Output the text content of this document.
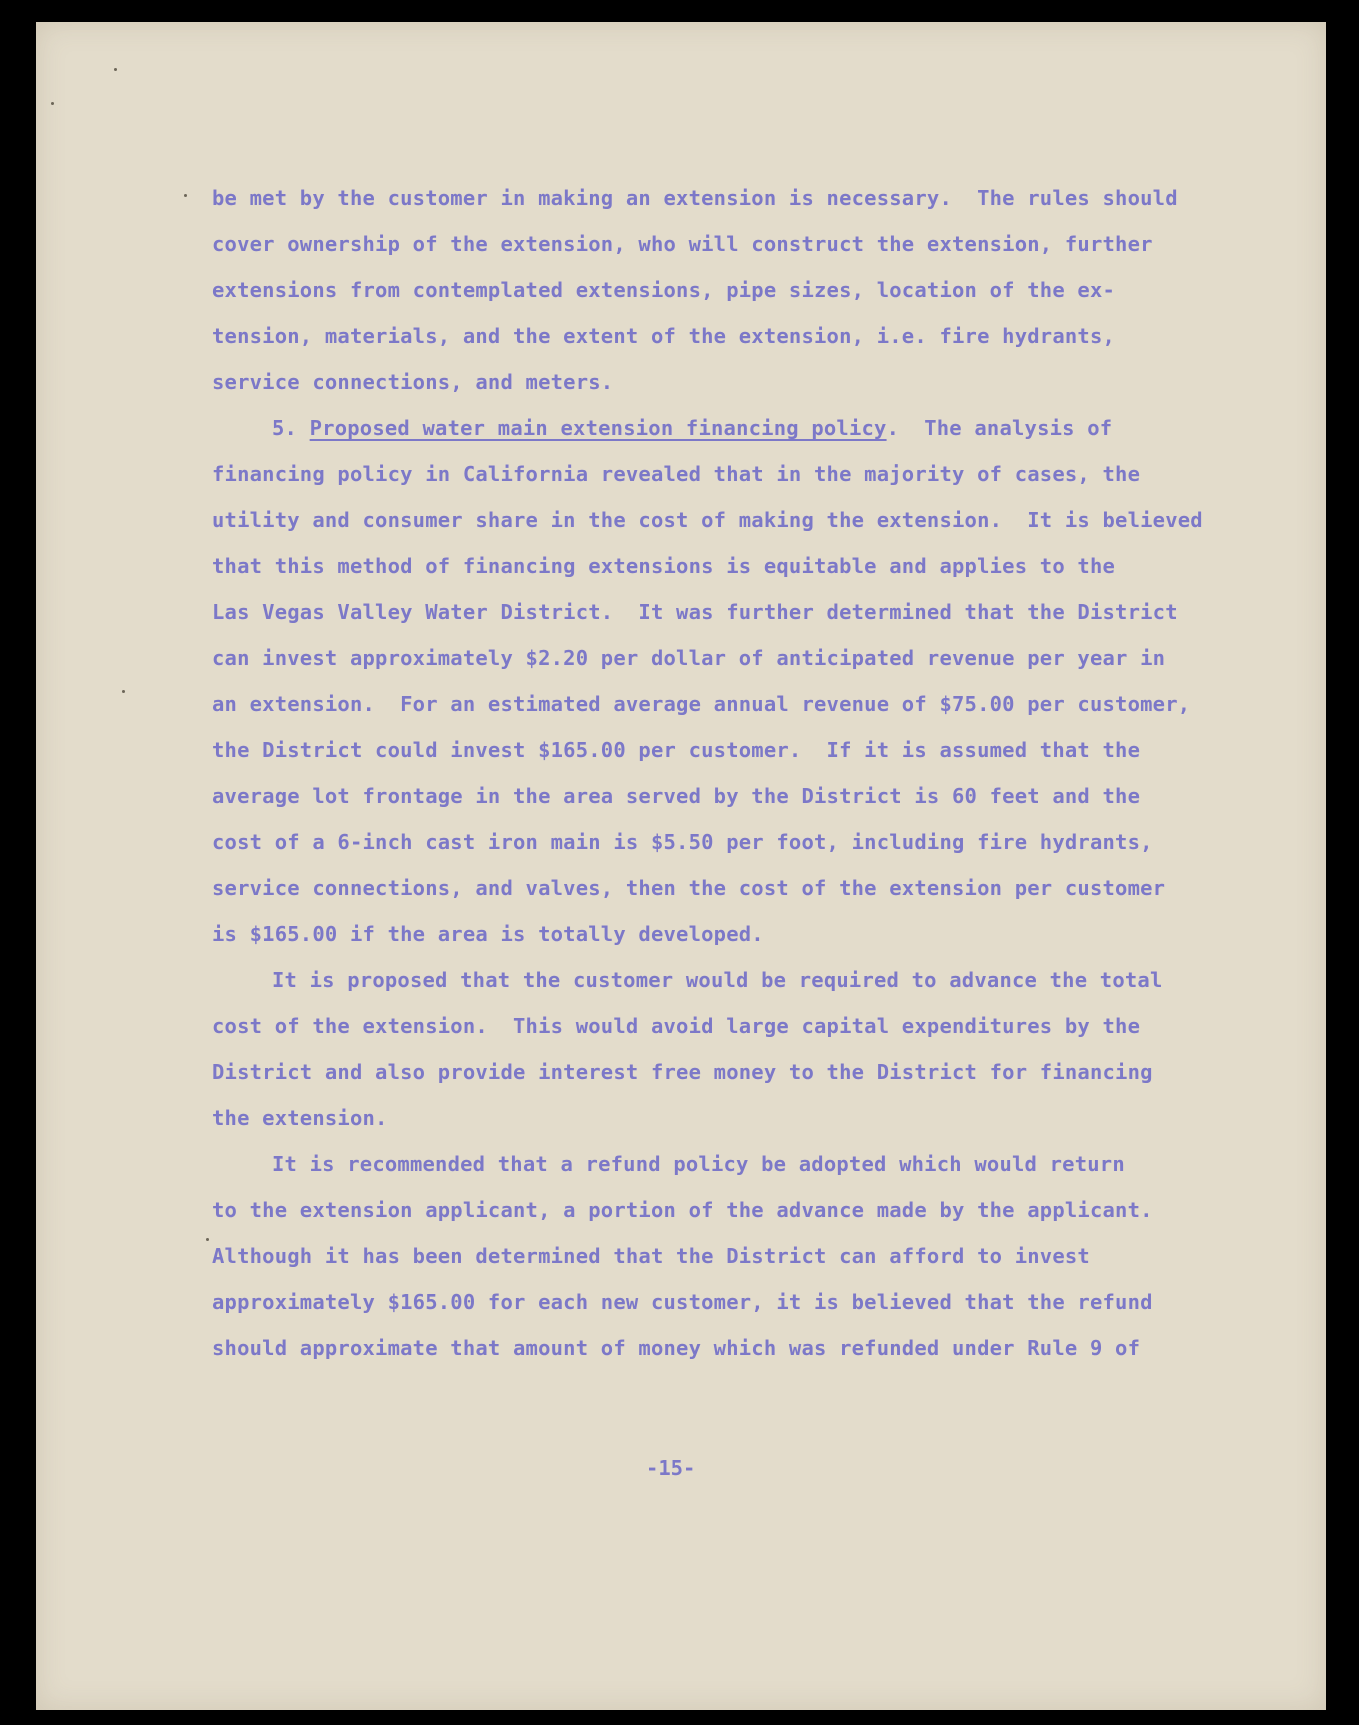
be met by the customer in making an extension is necessary.  The rules should
cover ownership of the extension, who will construct the extension, further
extensions from contemplated extensions, pipe sizes, location of the ex-
tension, materials, and the extent of the extension, i.e. fire hydrants,
service connections, and meters.
5. Proposed water main extension financing policy.  The analysis of
financing policy in California revealed that in the majority of cases, the
utility and consumer share in the cost of making the extension.  It is believed
that this method of financing extensions is equitable and applies to the
Las Vegas Valley Water District.  It was further determined that the District
can invest approximately $2.20 per dollar of anticipated revenue per year in
an extension.  For an estimated average annual revenue of $75.00 per customer,
the District could invest $165.00 per customer.  If it is assumed that the
average lot frontage in the area served by the District is 60 feet and the
cost of a 6-inch cast iron main is $5.50 per foot, including fire hydrants,
service connections, and valves, then the cost of the extension per customer
is $165.00 if the area is totally developed.
It is proposed that the customer would be required to advance the total
cost of the extension.  This would avoid large capital expenditures by the
District and also provide interest free money to the District for financing
the extension.
It is recommended that a refund policy be adopted which would return
to the extension applicant, a portion of the advance made by the applicant.
Although it has been determined that the District can afford to invest
approximately $165.00 for each new customer, it is believed that the refund
should approximate that amount of money which was refunded under Rule 9 of
-15-
